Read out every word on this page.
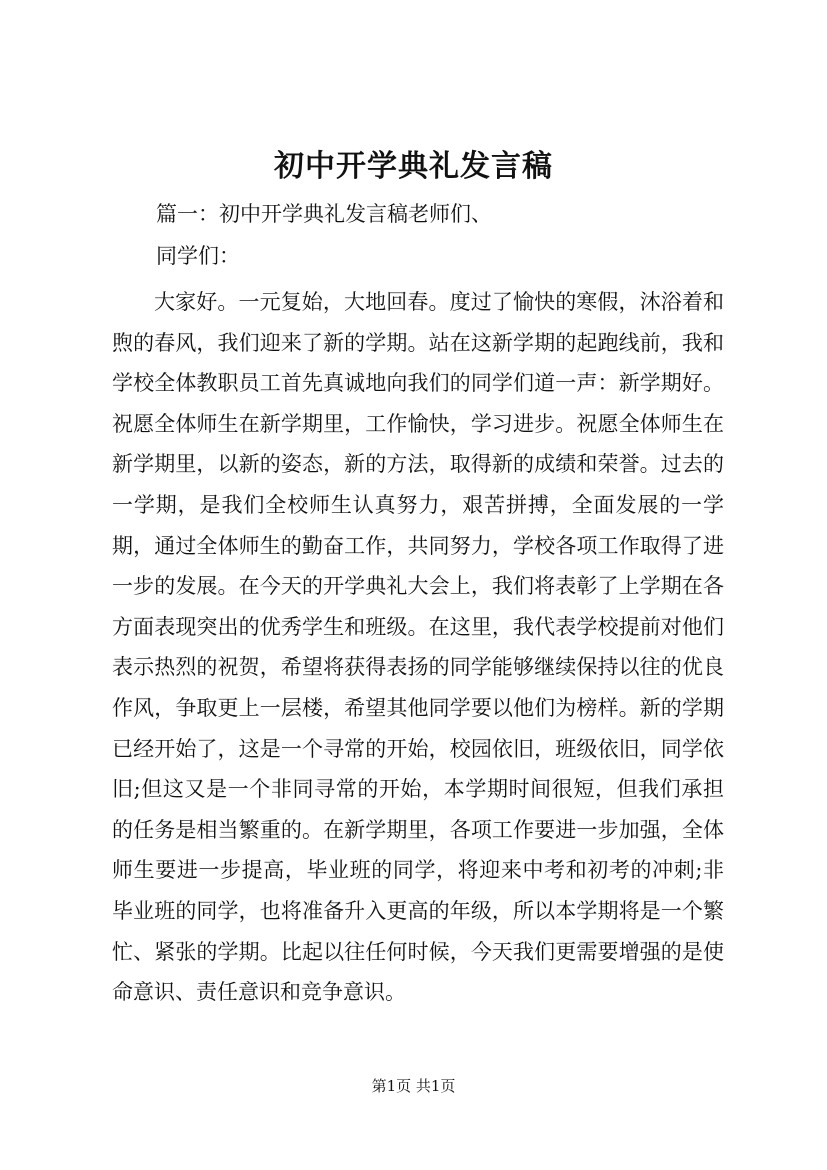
初中开学典礼发言稿
篇一：初中开学典礼发言稿老师们、
同学们：

大家好。一元复始，大地回春。度过了愉快的寒假，沐浴着和煦的春风，我们迎来了新的学期。站在这新学期的起跑线前，我和学校全体教职员工首先真诚地向我们的同学们道一声：新学期好。祝愿全体师生在新学期里，工作愉快，学习进步。祝愿全体师生在新学期里，以新的姿态，新的方法，取得新的成绩和荣誉。过去的一学期，是我们全校师生认真努力，艰苦拼搏，全面发展的一学期，通过全体师生的勤奋工作，共同努力，学校各项工作取得了进一步的发展。在今天的开学典礼大会上，我们将表彰了上学期在各方面表现突出的优秀学生和班级。在这里，我代表学校提前对他们表示热烈的祝贺，希望将获得表扬的同学能够继续保持以往的优良作风，争取更上一层楼，希望其他同学要以他们为榜样。新的学期已经开始了，这是一个寻常的开始，校园依旧，班级依旧，同学依旧;但这又是一个非同寻常的开始，本学期时间很短，但我们承担的任务是相当繁重的。在新学期里，各项工作要进一步加强，全体师生要进一步提高，毕业班的同学，将迎来中考和初考的冲刺;非毕业班的同学，也将准备升入更高的年级，所以本学期将是一个繁忙、紧张的学期。比起以往任何时候，今天我们更需要增强的是使命意识、责任意识和竞争意识。

第1页 共1页
